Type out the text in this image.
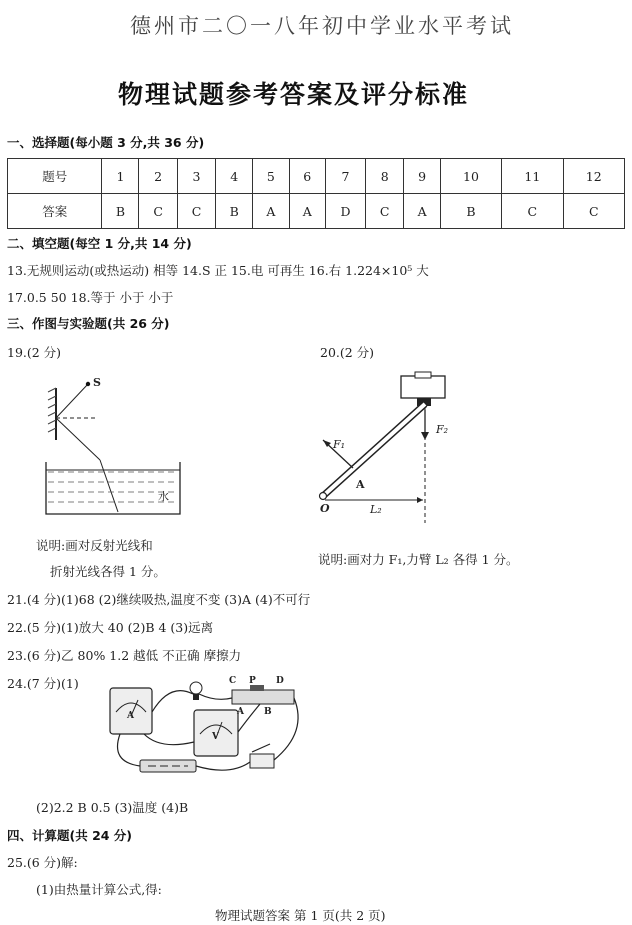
德州市二〇一八年初中学业水平考试
物理试题参考答案及评分标准
一、选择题(每小题 3 分,共 36 分)
题号	1	2	3	4	5	6	7	8	9	10	11	12
答案	B	C	C	B	A	A	D	C	A	B	C	C
二、填空题(每空 1 分,共 14 分)
13.无规则运动(或热运动) 相等 14.S 正 15.电 可再生 16.右 1.224×10⁵ 大
17.0.5 50 18.等于 小于 小于
三、作图与实验题(共 26 分)
19.(2 分)	20.(2 分)
S
水
F₁
F₂
A
O	L₂
说明:画对反射光线和
折射光线各得 1 分。
说明:画对力 F₁,力臂 L₂ 各得 1 分。
21.(4 分)(1)68 (2)继续吸热,温度不变 (3)A (4)不可行
22.(5 分)(1)放大 40 (2)B 4 (3)远离
23.(6 分)乙 80% 1.2 越低 不正确 摩擦力
24.(7 分)(1)	C P D
A B
A
V
(2)2.2 B 0.5 (3)温度 (4)B
四、计算题(共 24 分)
25.(6 分)解:
(1)由热量计算公式,得:
物理试题答案 第 1 页(共 2 页)
